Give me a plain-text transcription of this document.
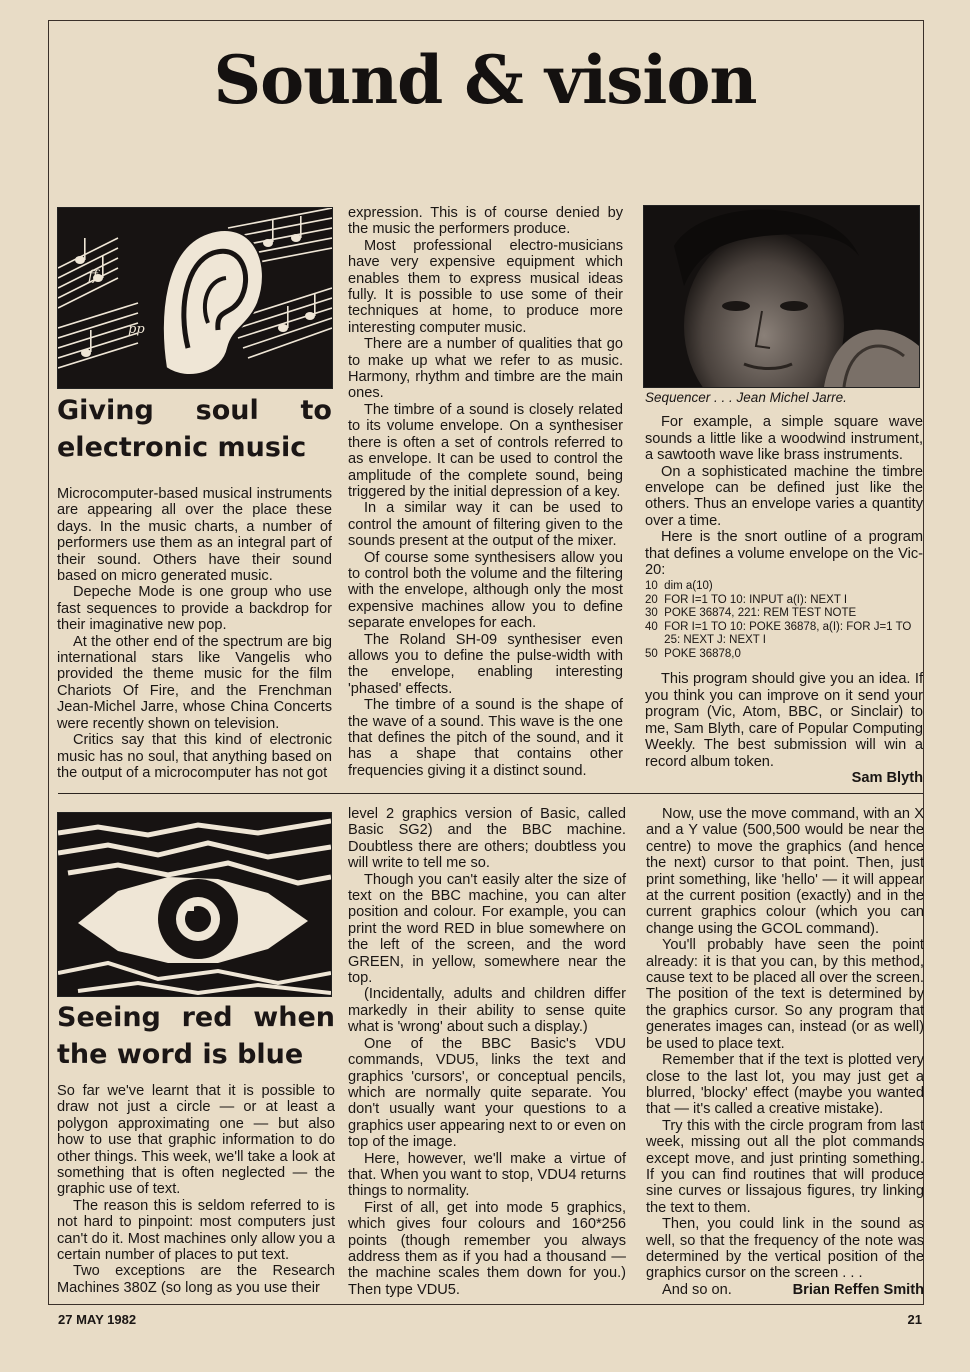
Sound & vision
ff
pp
Giving soul to electronic music

Microcomputer-based musical instruments are appearing all over the place these days. In the music charts, a number of performers use them as an integral part of their sound. Others have their sound based on micro generated music.

Depeche Mode is one group who use fast sequences to provide a backdrop for their imaginative new pop.

At the other end of the spectrum are big international stars like Vangelis who provided the theme music for the film Chariots Of Fire, and the Frenchman Jean-Michel Jarre, whose China Concerts were recently shown on television.

Critics say that this kind of electronic music has no soul, that anything based on the output of a microcomputer has not got

expression. This is of course denied by the music the performers produce.

Most professional electro-musicians have very expensive equipment which enables them to express musical ideas fully. It is possible to use some of their techniques at home, to produce more interesting computer music.

There are a number of qualities that go to make up what we refer to as music. Harmony, rhythm and timbre are the main ones.

The timbre of a sound is closely related to its volume envelope. On a synthesiser there is often a set of controls referred to as envelope. It can be used to control the amplitude of the complete sound, being triggered by the initial depression of a key.

In a similar way it can be used to control the amount of filtering given to the sounds present at the output of the mixer.

Of course some synthesisers allow you to control both the volume and the filtering with the envelope, although only the most expensive machines allow you to define separate envelopes for each.

The Roland SH-09 synthesiser even allows you to define the pulse-width with the envelope, enabling interesting 'phased' effects.

The timbre of a sound is the shape of the wave of a sound. This wave is the one that defines the pitch of the sound, and it has a shape that contains other frequencies giving it a distinct sound.

Sequencer . . . Jean Michel Jarre.

For example, a simple square wave sounds a little like a woodwind instrument, a sawtooth wave like brass instruments.

On a sophisticated machine the timbre envelope can be defined just like the others. Thus an envelope varies a quantity over a time.

Here is the snort outline of a program that defines a volume envelope on the Vic-20:

10  dim a(10)
20  FOR I=1 TO 10: INPUT a(I): NEXT I
30  POKE 36874, 221: REM TEST NOTE
40  FOR I=1 TO 10: POKE 36878, a(I): FOR J=1 TO
25: NEXT J: NEXT I
50  POKE 36878,0

This program should give you an idea. If you think you can improve on it send your program (Vic, Atom, BBC, or Sinclair) to me, Sam Blyth, care of Popular Computing Weekly. The best submission will win a record album token.

Sam Blyth
Seeing red when the word is blue

So far we've learnt that it is possible to draw not just a circle — or at least a polygon approximating one — but also how to use that graphic information to do other things. This week, we'll take a look at something that is often neglected — the graphic use of text.

The reason this is seldom referred to is not hard to pinpoint: most computers just can't do it. Most machines only allow you a certain number of places to put text.

Two exceptions are the Research Machines 380Z (so long as you use their

level 2 graphics version of Basic, called Basic SG2) and the BBC machine. Doubtless there are others; doubtless you will write to tell me so.

Though you can't easily alter the size of text on the BBC machine, you can alter position and colour. For example, you can print the word RED in blue somewhere on the left of the screen, and the word GREEN, in yellow, somewhere near the top.

(Incidentally, adults and children differ markedly in their ability to sense quite what is 'wrong' about such a display.)

One of the BBC Basic's VDU commands, VDU5, links the text and graphics 'cursors', or conceptual pencils, which are normally quite separate. You don't usually want your questions to a graphics user appearing next to or even on top of the image.

Here, however, we'll make a virtue of that. When you want to stop, VDU4 returns things to normality.

First of all, get into mode 5 graphics, which gives four colours and 160*256 points (though remember you always address them as if you had a thousand — the machine scales them down for you.) Then type VDU5.

Now, use the move command, with an X and a Y value (500,500 would be near the centre) to move the graphics (and hence the next) cursor to that point. Then, just print something, like 'hello' — it will appear at the current position (exactly) and in the current graphics colour (which you can change using the GCOL command).

You'll probably have seen the point already: it is that you can, by this method, cause text to be placed all over the screen. The position of the text is determined by the graphics cursor. So any program that generates images can, instead (or as well) be used to place text.

Remember that if the text is plotted very close to the last lot, you may just get a blurred, 'blocky' effect (maybe you wanted that — it's called a creative mistake).

Try this with the circle program from last week, missing out all the plot commands except move, and just printing something. If you can find routines that will produce sine curves or lissajous figures, try linking the text to them.

Then, you could link in the sound as well, so that the frequency of the note was determined by the vertical position of the graphics cursor on the screen . . .

And so on.	Brian Reffen Smith
27 MAY 1982	21
